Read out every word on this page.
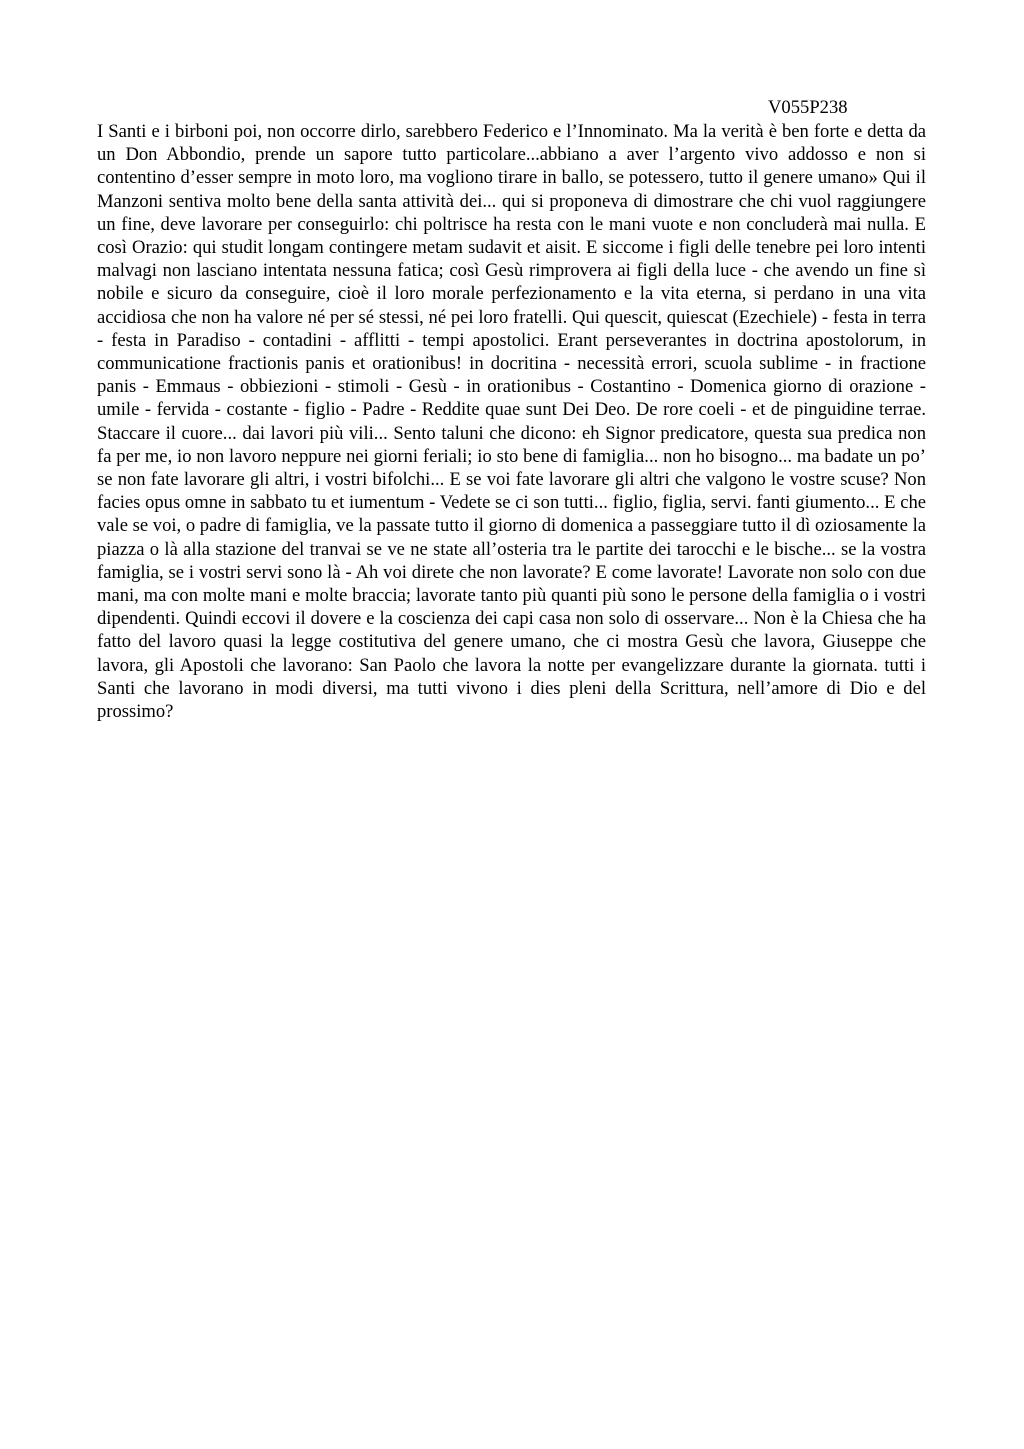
V055P238

I Santi e i birboni poi, non occorre dirlo, sarebbero Federico e l’Innominato. Ma la verità è ben forte e detta da un Don Abbondio, prende un sapore tutto particolare...abbiano a aver l’argento vivo addosso e non si contentino d’esser sempre in moto loro, ma vogliono tirare in ballo, se potessero, tutto il genere umano» Qui il Manzoni sentiva molto bene della santa attività dei... qui si proponeva di dimostrare che chi vuol raggiungere un fine, deve lavorare per conseguirlo: chi poltrisce ha resta con le mani vuote e non concluderà mai nulla. E così Orazio: qui studit longam contingere metam sudavit et aisit. E siccome i figli delle tenebre pei loro intenti malvagi non lasciano intentata nessuna fatica; così Gesù rimprovera ai figli della luce - che avendo un fine sì nobile e sicuro da conseguire, cioè il loro morale perfezionamento e la vita eterna, si perdano in una vita accidiosa che non ha valore né per sé stessi, né pei loro fratelli. Qui quescit, quiescat (Ezechiele) - festa in terra - festa in Paradiso - contadini - afflitti - tempi apostolici. Erant perseverantes in doctrina apostolorum, in communicatione fractionis panis et orationibus! in docritina - necessità errori, scuola sublime - in fractione panis - Emmaus - obbiezioni - stimoli - Gesù - in orationibus - Costantino - Domenica giorno di orazione - umile - fervida - costante - figlio - Padre - Reddite quae sunt Dei Deo. De rore coeli - et de pinguidine terrae. Staccare il cuore... dai lavori più vili... Sento taluni che dicono: eh Signor predicatore, questa sua predica non fa per me, io non lavoro neppure nei giorni feriali; io sto bene di famiglia... non ho bisogno... ma badate un po’ se non fate lavorare gli altri, i vostri bifolchi... E se voi fate lavorare gli altri che valgono le vostre scuse? Non facies opus omne in sabbato tu et iumentum - Vedete se ci son tutti... figlio, figlia, servi. fanti giumento... E che vale se voi, o padre di famiglia, ve la passate tutto il giorno di domenica a passeggiare tutto il dì oziosamente la piazza o là alla stazione del tranvai se ve ne state all’osteria tra le partite dei tarocchi e le bische... se la vostra famiglia, se i vostri servi sono là - Ah voi direte che non lavorate? E come lavorate! Lavorate non solo con due mani, ma con molte mani e molte braccia; lavorate tanto più quanti più sono le persone della famiglia o i vostri dipendenti. Quindi eccovi il dovere e la coscienza dei capi casa non solo di osservare... Non è la Chiesa che ha fatto del lavoro quasi la legge costitutiva del genere umano, che ci mostra Gesù che lavora, Giuseppe che lavora, gli Apostoli che lavorano: San Paolo che lavora la notte per evangelizzare durante la giornata. tutti i Santi che lavorano in modi diversi, ma tutti vivono i dies pleni della Scrittura, nell’amore di Dio e del prossimo?
